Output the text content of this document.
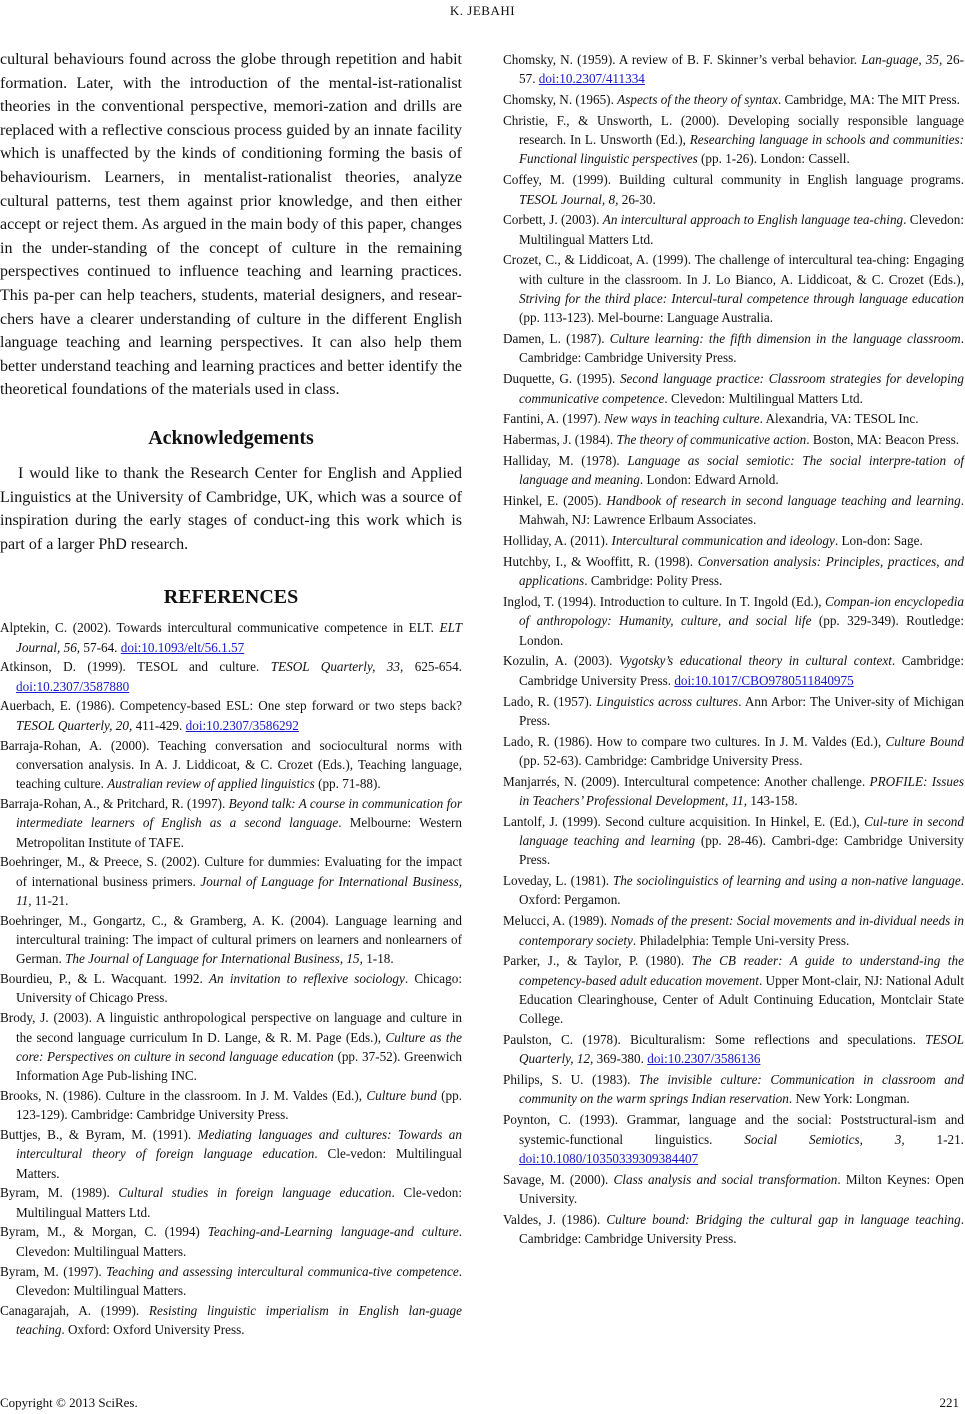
K. JEBAHI

cultural behaviours found across the globe through repetition and habit formation. Later, with the introduction of the mental-ist-rationalist theories in the conventional perspective, memori-zation and drills are replaced with a reflective conscious process guided by an innate facility which is unaffected by the kinds of conditioning forming the basis of behaviourism. Learners, in mentalist-rationalist theories, analyze cultural patterns, test them against prior knowledge, and then either accept or reject them. As argued in the main body of this paper, changes in the under-standing of the concept of culture in the remaining perspectives continued to influence teaching and learning practices. This pa-per can help teachers, students, material designers, and resear-chers have a clearer understanding of culture in the different English language teaching and learning perspectives. It can also help them better understand teaching and learning practices and better identify the theoretical foundations of the materials used in class.

Acknowledgements

I would like to thank the Research Center for English and Applied Linguistics at the University of Cambridge, UK, which was a source of inspiration during the early stages of conduct-ing this work which is part of a larger PhD research.

REFERENCES
Alptekin, C. (2002). Towards intercultural communicative competence in ELT. ELT Journal, 56, 57-64. doi:10.1093/elt/56.1.57
Atkinson, D. (1999). TESOL and culture. TESOL Quarterly, 33, 625-654. doi:10.2307/3587880
Auerbach, E. (1986). Competency-based ESL: One step forward or two steps back? TESOL Quarterly, 20, 411-429. doi:10.2307/3586292
Barraja-Rohan, A. (2000). Teaching conversation and sociocultural norms with conversation analysis. In A. J. Liddicoat, & C. Crozet (Eds.), Teaching language, teaching culture. Australian review of applied linguistics (pp. 71-88).
Barraja-Rohan, A., & Pritchard, R. (1997). Beyond talk: A course in communication for intermediate learners of English as a second language. Melbourne: Western Metropolitan Institute of TAFE.
Boehringer, M., & Preece, S. (2002). Culture for dummies: Evaluating for the impact of international business primers. Journal of Language for International Business, 11, 11-21.
Boehringer, M., Gongartz, C., & Gramberg, A. K. (2004). Language learning and intercultural training: The impact of cultural primers on learners and nonlearners of German. The Journal of Language for International Business, 15, 1-18.
Bourdieu, P., & L. Wacquant. 1992. An invitation to reflexive sociology. Chicago: University of Chicago Press.
Brody, J. (2003). A linguistic anthropological perspective on language and culture in the second language curriculum In D. Lange, & R. M. Page (Eds.), Culture as the core: Perspectives on culture in second language education (pp. 37-52). Greenwich Information Age Pub-lishing INC.
Brooks, N. (1986). Culture in the classroom. In J. M. Valdes (Ed.), Culture bund (pp. 123-129). Cambridge: Cambridge University Press.
Buttjes, B., & Byram, M. (1991). Mediating languages and cultures: Towards an intercultural theory of foreign language education. Cle-vedon: Multilingual Matters.
Byram, M. (1989). Cultural studies in foreign language education. Cle-vedon: Multilingual Matters Ltd.
Byram, M., & Morgan, C. (1994) Teaching-and-Learning language-and culture. Clevedon: Multilingual Matters.
Byram, M. (1997). Teaching and assessing intercultural communica-tive competence. Clevedon: Multilingual Matters.
Canagarajah, A. (1999). Resisting linguistic imperialism in English lan-guage teaching. Oxford: Oxford University Press.
Chomsky, N. (1959). A review of B. F. Skinner’s verbal behavior. Lan-guage, 35, 26-57. doi:10.2307/411334
Chomsky, N. (1965). Aspects of the theory of syntax. Cambridge, MA: The MIT Press.
Christie, F., & Unsworth, L. (2000). Developing socially responsible language research. In L. Unsworth (Ed.), Researching language in schools and communities: Functional linguistic perspectives (pp. 1-26). London: Cassell.
Coffey, M. (1999). Building cultural community in English language programs. TESOL Journal, 8, 26-30.
Corbett, J. (2003). An intercultural approach to English language tea-ching. Clevedon: Multilingual Matters Ltd.
Crozet, C., & Liddicoat, A. (1999). The challenge of intercultural tea-ching: Engaging with culture in the classroom. In J. Lo Bianco, A. Liddicoat, & C. Crozet (Eds.), Striving for the third place: Intercul-tural competence through language education (pp. 113-123). Mel-bourne: Language Australia.
Damen, L. (1987). Culture learning: the fifth dimension in the language classroom. Cambridge: Cambridge University Press.
Duquette, G. (1995). Second language practice: Classroom strategies for developing communicative competence. Clevedon: Multilingual Matters Ltd.
Fantini, A. (1997). New ways in teaching culture. Alexandria, VA: TESOL Inc.
Habermas, J. (1984). The theory of communicative action. Boston, MA: Beacon Press.
Halliday, M. (1978). Language as social semiotic: The social interpre-tation of language and meaning. London: Edward Arnold.
Hinkel, E. (2005). Handbook of research in second language teaching and learning. Mahwah, NJ: Lawrence Erlbaum Associates.
Holliday, A. (2011). Intercultural communication and ideology. Lon-don: Sage.
Hutchby, I., & Wooffitt, R. (1998). Conversation analysis: Principles, practices, and applications. Cambridge: Polity Press.
Inglod, T. (1994). Introduction to culture. In T. Ingold (Ed.), Compan-ion encyclopedia of anthropology: Humanity, culture, and social life (pp. 329-349). Routledge: London.
Kozulin, A. (2003). Vygotsky’s educational theory in cultural context. Cambridge: Cambridge University Press. doi:10.1017/CBO9780511840975
Lado, R. (1957). Linguistics across cultures. Ann Arbor: The Univer-sity of Michigan Press.
Lado, R. (1986). How to compare two cultures. In J. M. Valdes (Ed.), Culture Bound (pp. 52-63). Cambridge: Cambridge University Press.
Manjarrés, N. (2009). Intercultural competence: Another challenge. PROFILE: Issues in Teachers’ Professional Development, 11, 143-158.
Lantolf, J. (1999). Second culture acquisition. In Hinkel, E. (Ed.), Cul-ture in second language teaching and learning (pp. 28-46). Cambri-dge: Cambridge University Press.
Loveday, L. (1981). The sociolinguistics of learning and using a non-native language. Oxford: Pergamon.
Melucci, A. (1989). Nomads of the present: Social movements and in-dividual needs in contemporary society. Philadelphia: Temple Uni-versity Press.
Parker, J., & Taylor, P. (1980). The CB reader: A guide to understand-ing the competency-based adult education movement. Upper Mont-clair, NJ: National Adult Education Clearinghouse, Center of Adult Continuing Education, Montclair State College.
Paulston, C. (1978). Biculturalism: Some reflections and speculations. TESOL Quarterly, 12, 369-380. doi:10.2307/3586136
Philips, S. U. (1983). The invisible culture: Communication in classroom and community on the warm springs Indian reservation. New York: Longman.
Poynton, C. (1993). Grammar, language and the social: Poststructural-ism and systemic-functional linguistics. Social Semiotics, 3, 1-21. doi:10.1080/10350339309384407
Savage, M. (2000). Class analysis and social transformation. Milton Keynes: Open University.
Valdes, J. (1986). Culture bound: Bridging the cultural gap in language teaching. Cambridge: Cambridge University Press.
Copyright © 2013 SciRes.	221
